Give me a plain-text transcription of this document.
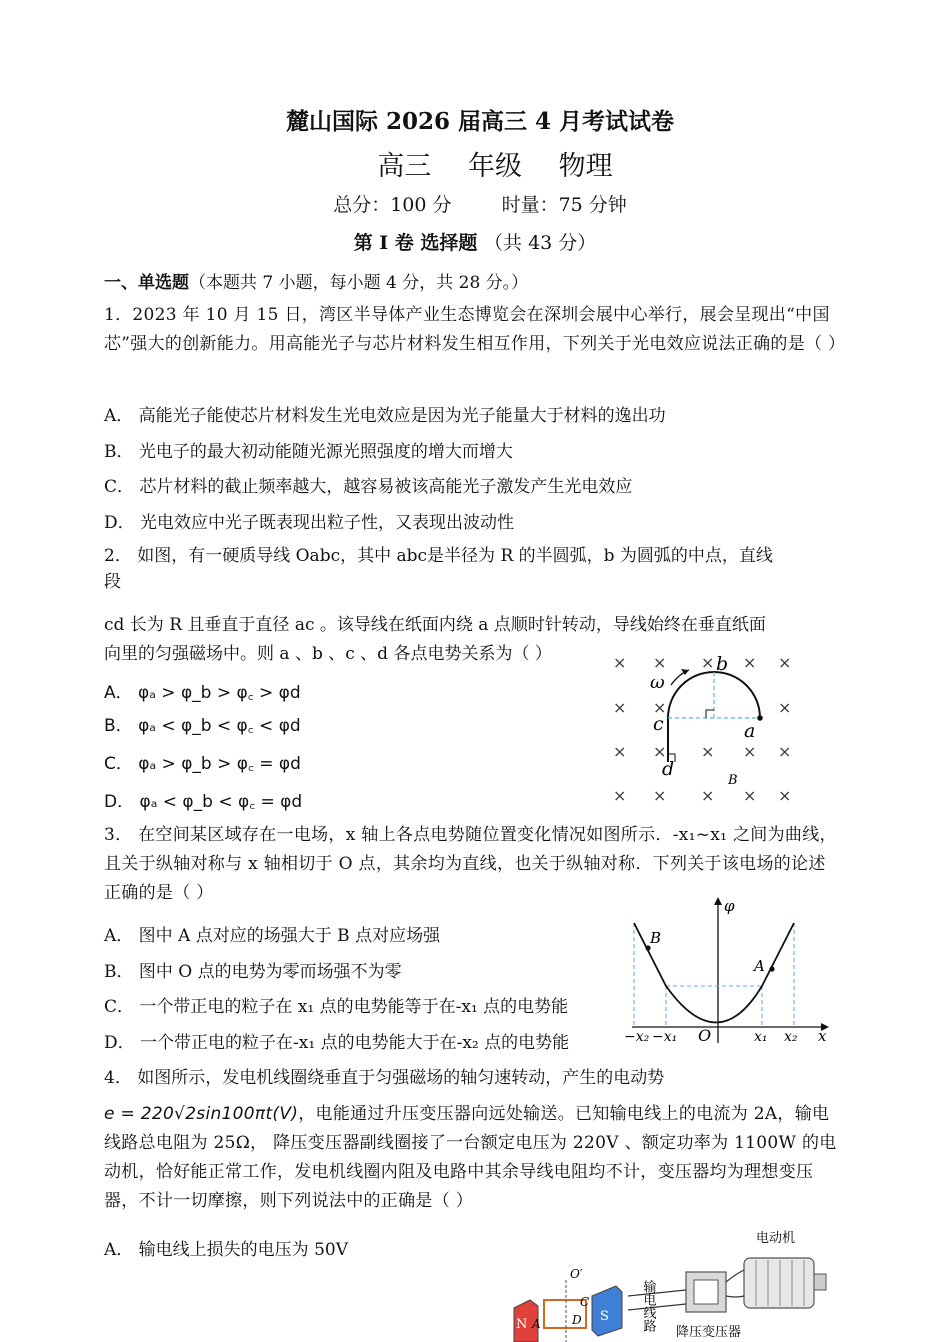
麓山国际 2026 届高三 4 月考试试卷
高三 年级 物理
总分：100 分	时量：75 分钟
第 I 卷 选择题 （共 43 分）
一、单选题（本题共 7 小题，每小题 4 分，共 28 分。）
1．2023 年 10 月 15 日，湾区半导体产业生态博览会在深圳会展中心举行，展会呈现出“中国芯”强大的创新能力。用高能光子与芯片材料发生相互作用，下列关于光电效应说法正确的是（ ）
A． 高能光子能使芯片材料发生光电效应是因为光子能量大于材料的逸出功
B． 光电子的最大初动能随光源光照强度的增大而增大
C． 芯片材料的截止频率越大，越容易被该高能光子激发产生光电效应
D． 光电效应中光子既表现出粒子性，又表现出波动性
2． 如图，有一硬质导线 Oabc，其中 abc是半径为 R 的半圆弧，b 为圆弧的中点，直线
段
cd 长为 R 且垂直于直径 ac 。该导线在纸面内绕 a 点顺时针转动，导线始终在垂直纸面
向里的匀强磁场中。则 a 、b 、c 、d 各点电势关系为（ ）
A． φₐ > φ_b > φ꜀ > φd
B． φₐ < φ_b < φ꜀ < φd
C． φₐ > φ_b > φ꜀ = φd
D． φₐ < φ_b < φ꜀ = φd
× × × × ×
× ×	×
× × × × ×
× × × × ×
ω
b
c	a
d
B
3． 在空间某区域存在一电场，x 轴上各点电势随位置变化情况如图所示．-x₁~x₁ 之间为曲线，且关于纵轴对称与 x 轴相切于 O 点，其余均为直线，也关于纵轴对称．下列关于该电场的论述正确的是（ ）
A． 图中 A 点对应的场强大于 B 点对应场强
B． 图中 O 点的电势为零而场强不为零
C． 一个带正电的粒子在 x₁ 点的电势能等于在-x₁ 点的电势能
D． 一个带正电的粒子在-x₁ 点的电势能大于在-x₂ 点的电势能
φ
x
O
B
A
−x₂ −x₁	x₁ x₂
4． 如图所示，发电机线圈绕垂直于匀强磁场的轴匀速转动，产生的电动势
e = 220√2sin100πt(V)，电能通过升压变压器向远处输送。已知输电线上的电流为 2A，输电线路总电阻为 25Ω， 降压变压器副线圈接了一台额定电压为 220V 、额定功率为 1100W 的电动机，恰好能正常工作，发电机线圈内阻及电路中其余导线电阻均不计，变压器均为理想变压器，不计一切摩擦，则下列说法中的正确是（ ）
A． 输电线上损失的电压为 50V
电动机
输电线路
降压变压器
N
S
O′
A
C
D
